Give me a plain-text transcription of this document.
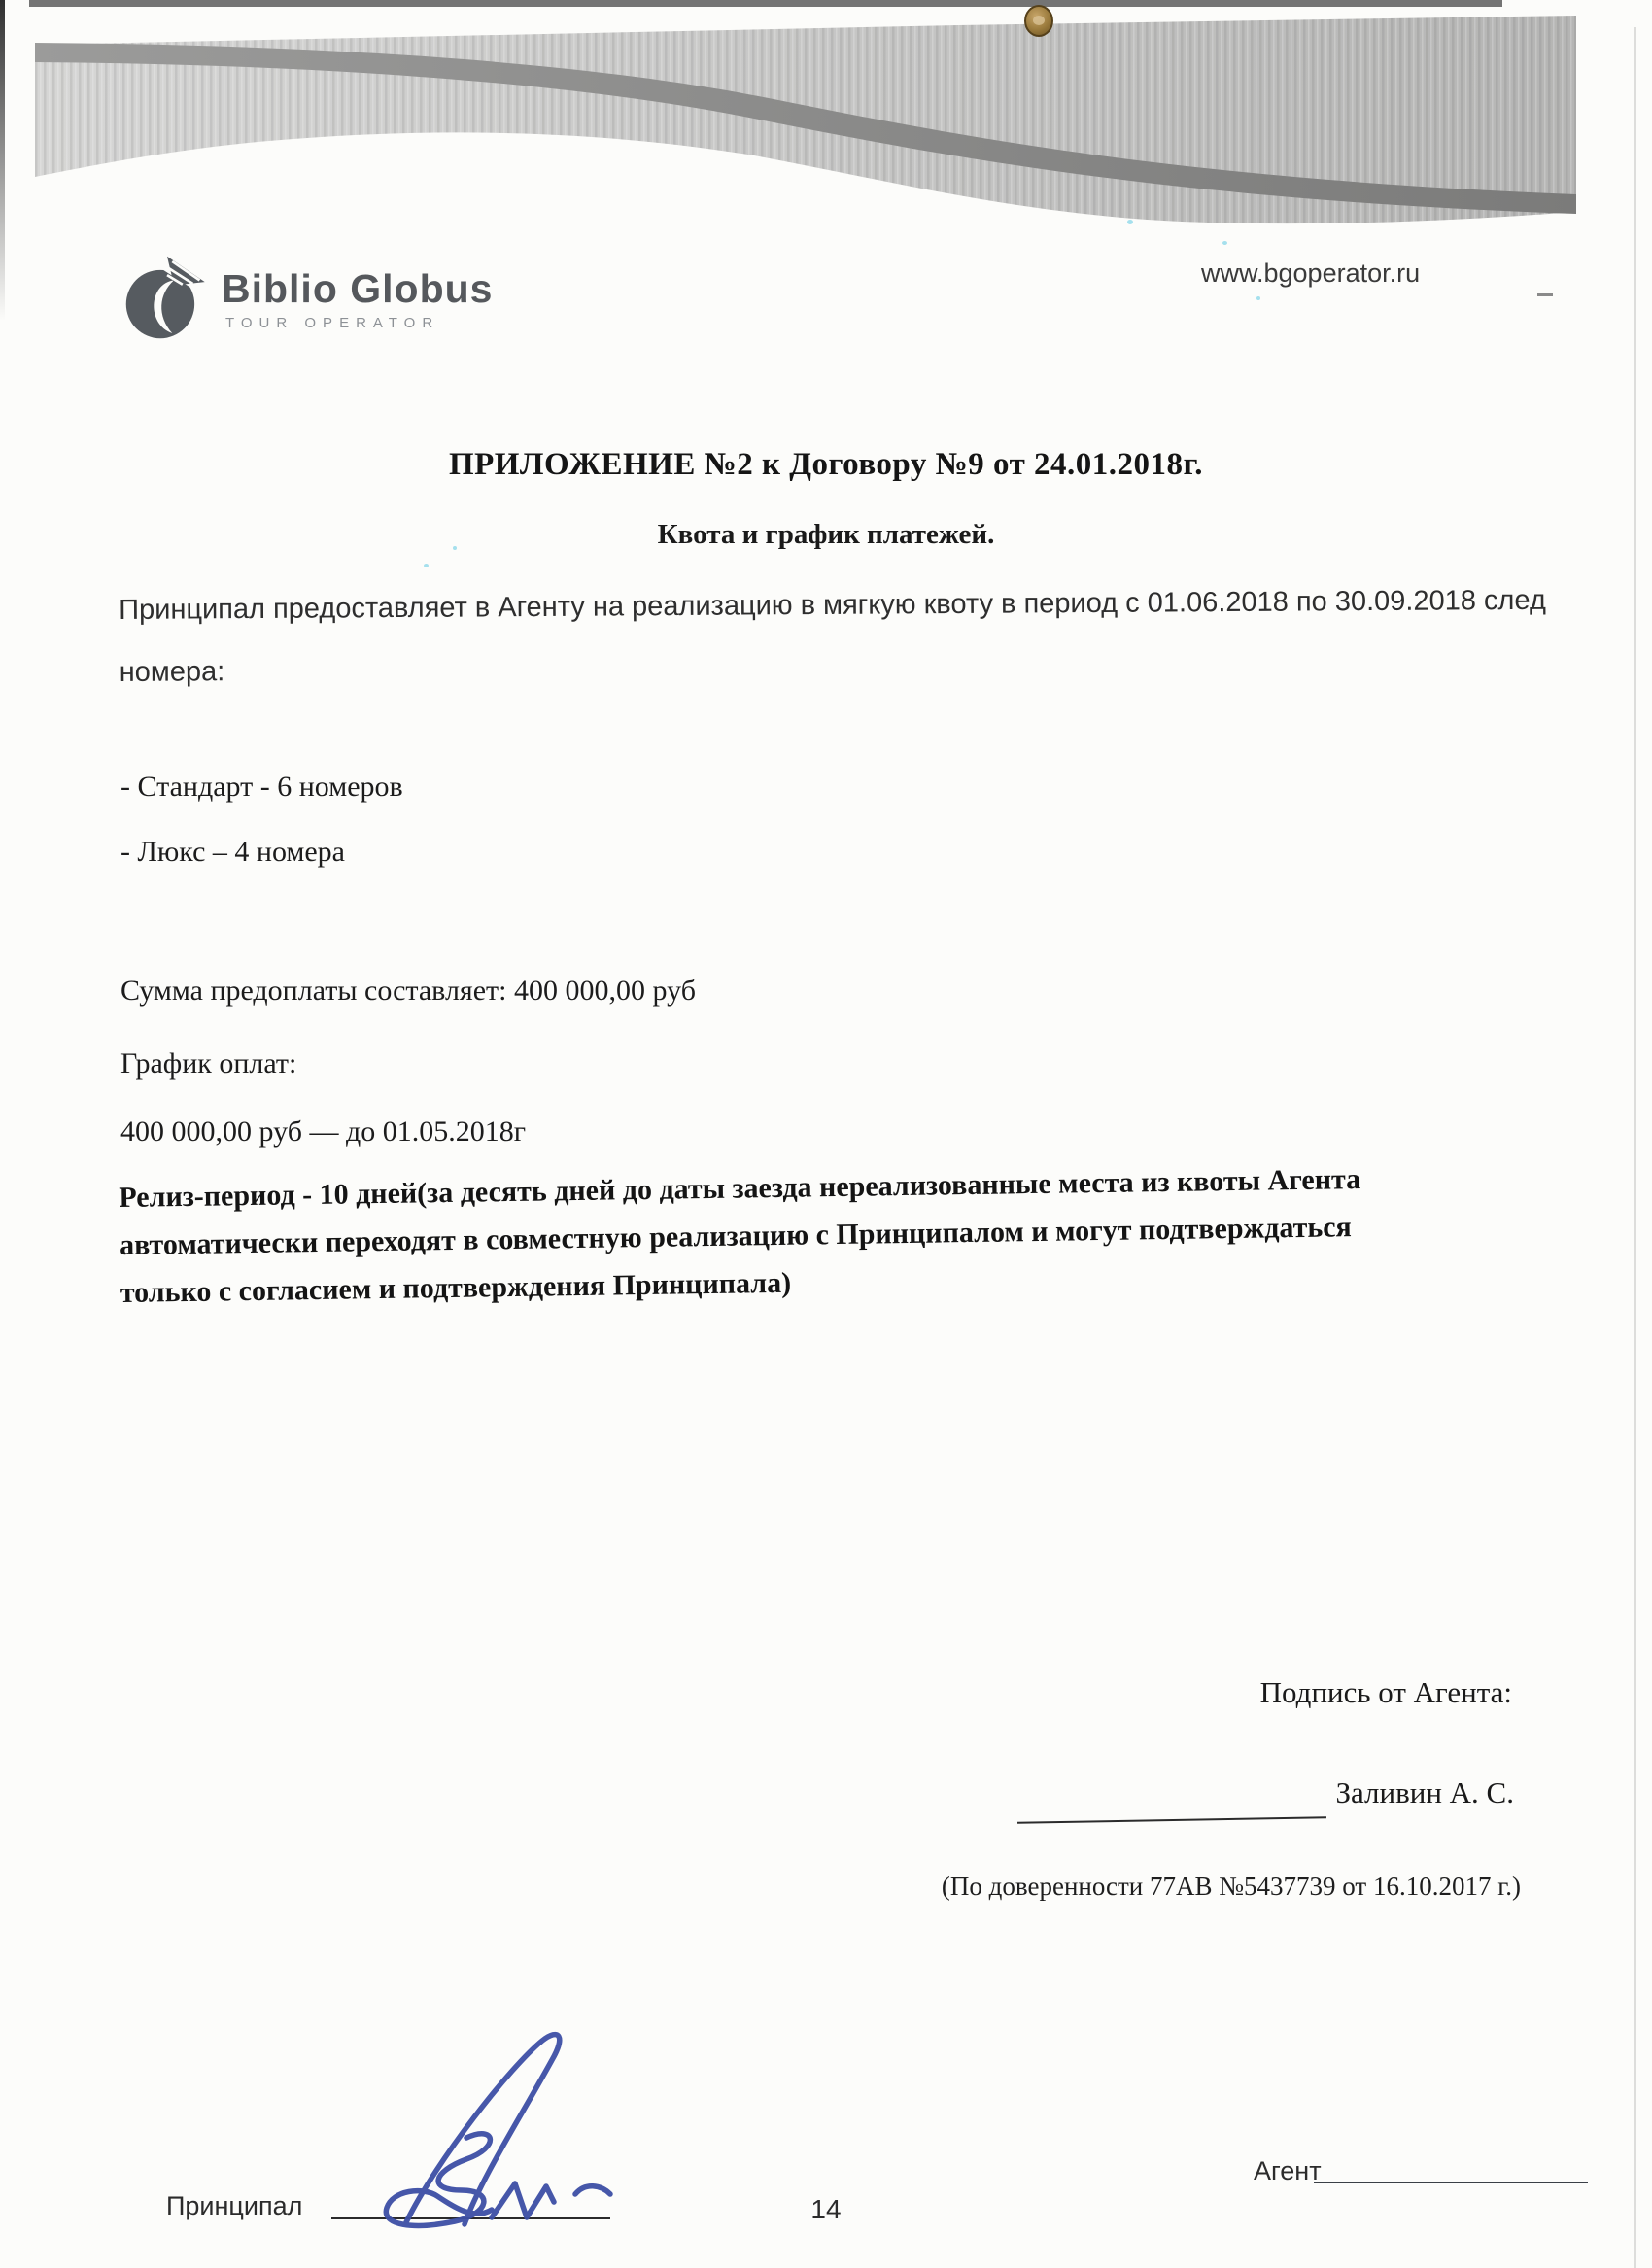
Biblio Globus
TOUR OPERATOR
www.bgoperator.ru
ПРИЛОЖЕНИЕ №2 к Договору №9 от 24.01.2018г.
Квота и график платежей.
Принципал предоставляет в Агенту на реализацию в мягкую квоту в период с 01.06.2018 по 30.09.2018 след
номера:
- Стандарт - 6 номеров
- Люкс – 4 номера
Сумма предоплаты составляет: 400 000,00 руб
График оплат:
400 000,00 руб — до 01.05.2018г
Релиз-период - 10 дней(за десять дней до даты заезда нереализованные места из квоты Агента
автоматически переходят в совместную реализацию с Принципалом и могут подтверждаться
только с согласием и подтверждения Принципала)
Подпись от Агента:
Заливин А. С.
(По доверенности 77АВ №5437739 от 16.10.2017 г.)
Принципал
Агент
14
